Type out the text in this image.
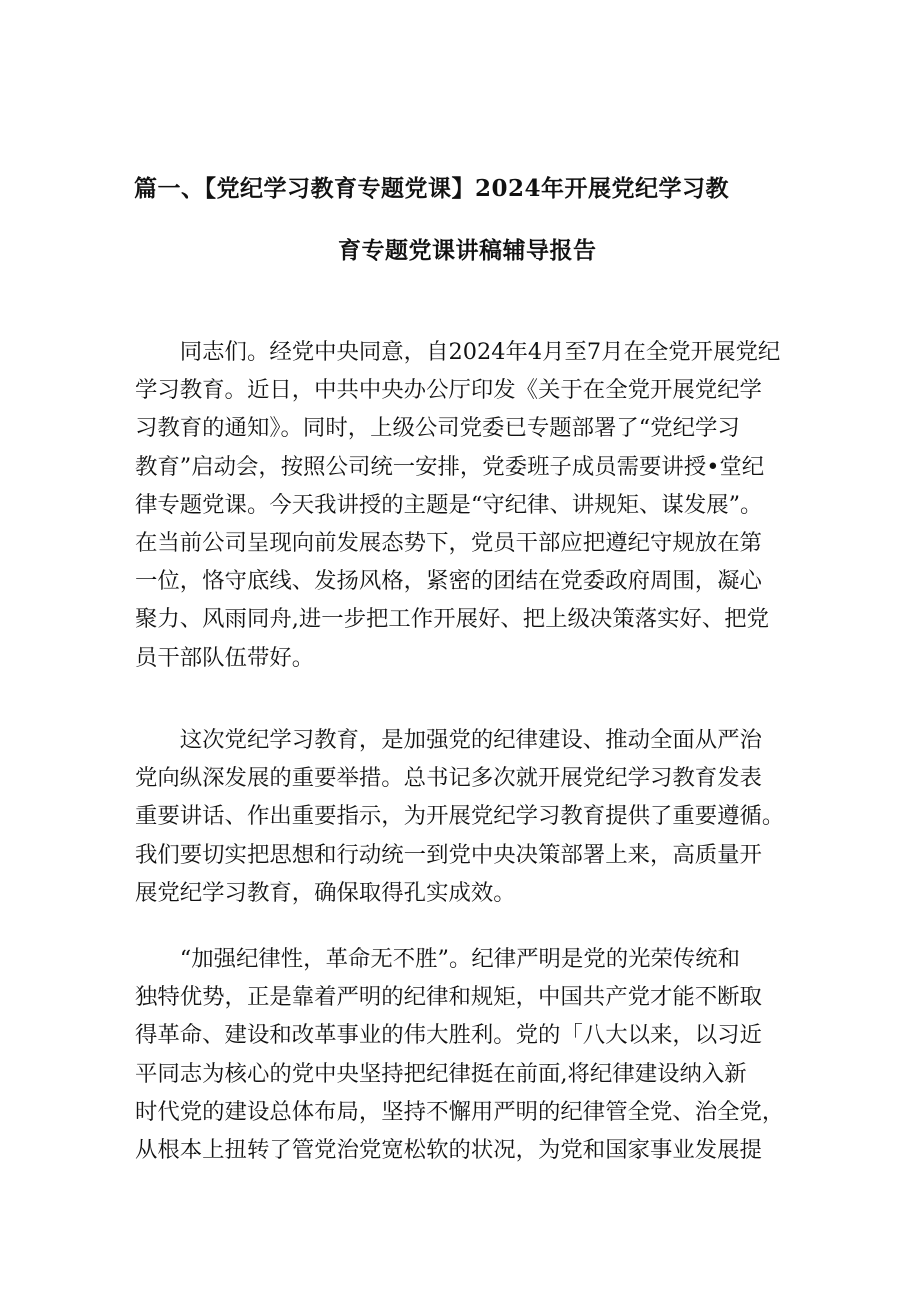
篇一、【党纪学习教育专题党课】2024年开展党纪学习教
育专题党课讲稿辅导报告
　　同志们。经党中央同意，自2024年4月至7月在全党开展党纪
学习教育。近日，中共中央办公厅印发《关于在全党开展党纪学
习教育的通知》。同时，上级公司党委已专题部署了“党纪学习
教育”启动会，按照公司统一安排，党委班子成员需要讲授•堂纪
律专题党课。今天我讲授的主题是“守纪律、讲规矩、谋发展”。
在当前公司呈现向前发展态势下，党员干部应把遵纪守规放在第
一位，恪守底线、发扬风格，紧密的团结在党委政府周围，凝心
聚力、风雨同舟,进一步把工作开展好、把上级决策落实好、把党
员干部队伍带好。
　　这次党纪学习教育，是加强党的纪律建设、推动全面从严治
党向纵深发展的重要举措。总书记多次就开展党纪学习教育发表
重要讲话、作出重要指示，为开展党纪学习教育提供了重要遵循。
我们要切实把思想和行动统一到党中央决策部署上来，高质量开
展党纪学习教育，确保取得孔实成效。
　　“加强纪律性，革命无不胜”。纪律严明是党的光荣传统和
独特优势，正是靠着严明的纪律和规矩，中国共产党才能不断取
得革命、建设和改革事业的伟大胜利。党的「八大以来，以习近
平同志为核心的党中央坚持把纪律挺在前面,将纪律建设纳入新
时代党的建设总体布局，坚持不懈用严明的纪律管全党、治全党，
从根本上扭转了管党治党宽松软的状况，为党和国家事业发展提
